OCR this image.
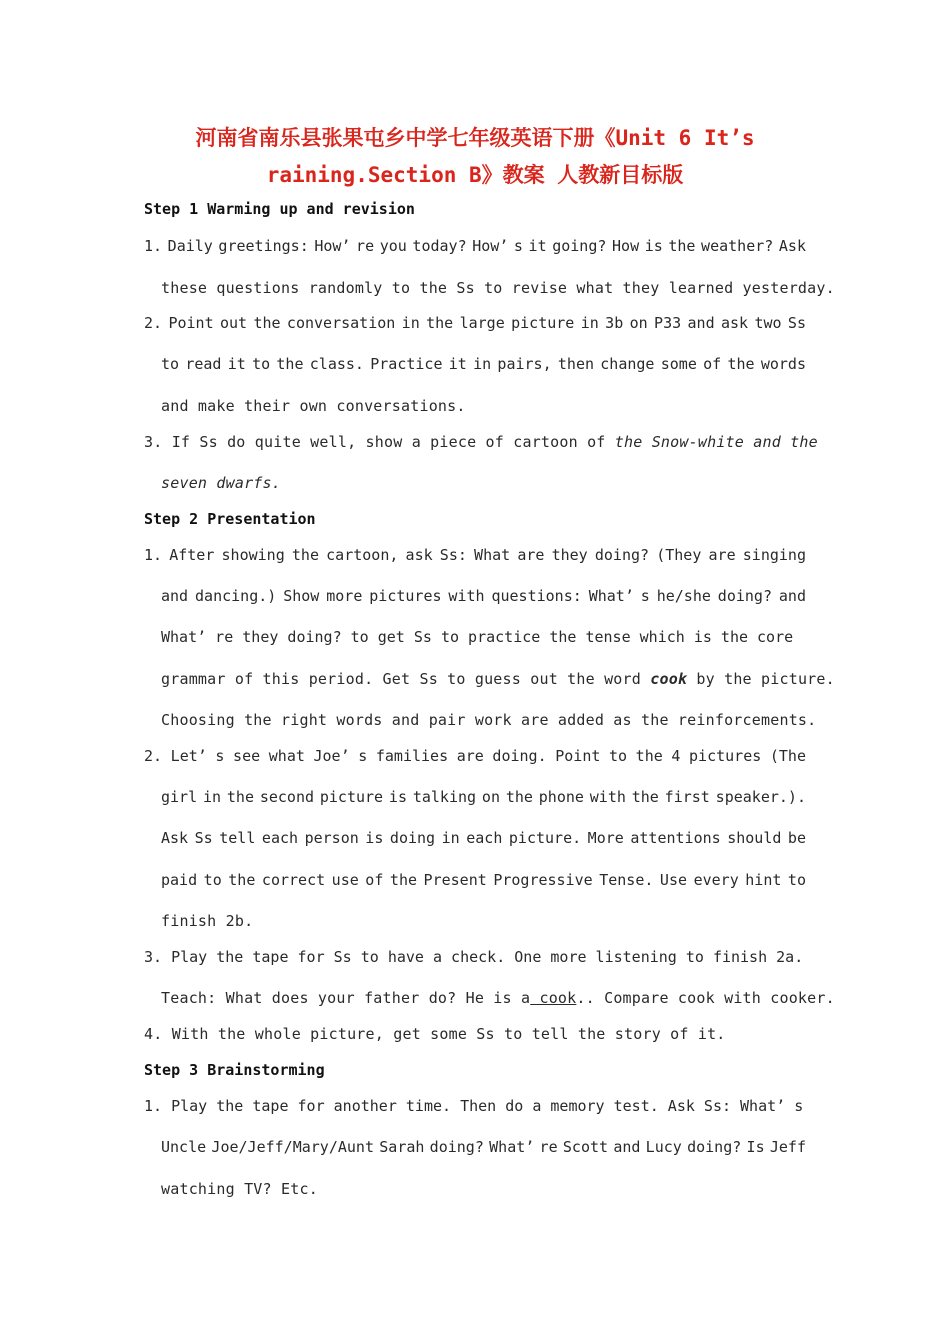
河南省南乐县张果屯乡中学七年级英语下册《Unit 6 It’s
raining.Section B》教案 人教新目标版
Step 1 Warming up and revision
1. Daily greetings: How’ re you today? How’ s it going? How is the weather? Ask
these questions randomly to the Ss to revise what they learned yesterday.
2. Point out the conversation in the large picture in 3b on P33 and ask two Ss
to read it to the class. Practice it in pairs, then change some of the words
and make their own conversations.
3. If Ss do quite well, show a piece of cartoon of the Snow-white and the
seven dwarfs.
Step 2 Presentation
1. After showing the cartoon, ask Ss: What are they doing? (They are singing
and dancing.) Show more pictures with questions: What’ s he/she doing? and
What’ re they doing? to get Ss to practice the tense which is the core
grammar of this period. Get Ss to guess out the word cook by the picture.
Choosing the right words and pair work are added as the reinforcements.
2. Let’ s see what Joe’ s families are doing. Point to the 4 pictures (The
girl in the second picture is talking on the phone with the first speaker.).
Ask Ss tell each person is doing in each picture. More attentions should be
paid to the correct use of the Present Progressive Tense. Use every hint to
finish 2b.
3. Play the tape for Ss to have a check. One more listening to finish 2a.
Teach: What does your father do? He is a cook.. Compare cook with cooker.
4. With the whole picture, get some Ss to tell the story of it.
Step 3 Brainstorming
1. Play the tape for another time. Then do a memory test. Ask Ss: What’ s
Uncle Joe/Jeff/Mary/Aunt Sarah doing? What’ re Scott and Lucy doing? Is Jeff
watching TV? Etc.
